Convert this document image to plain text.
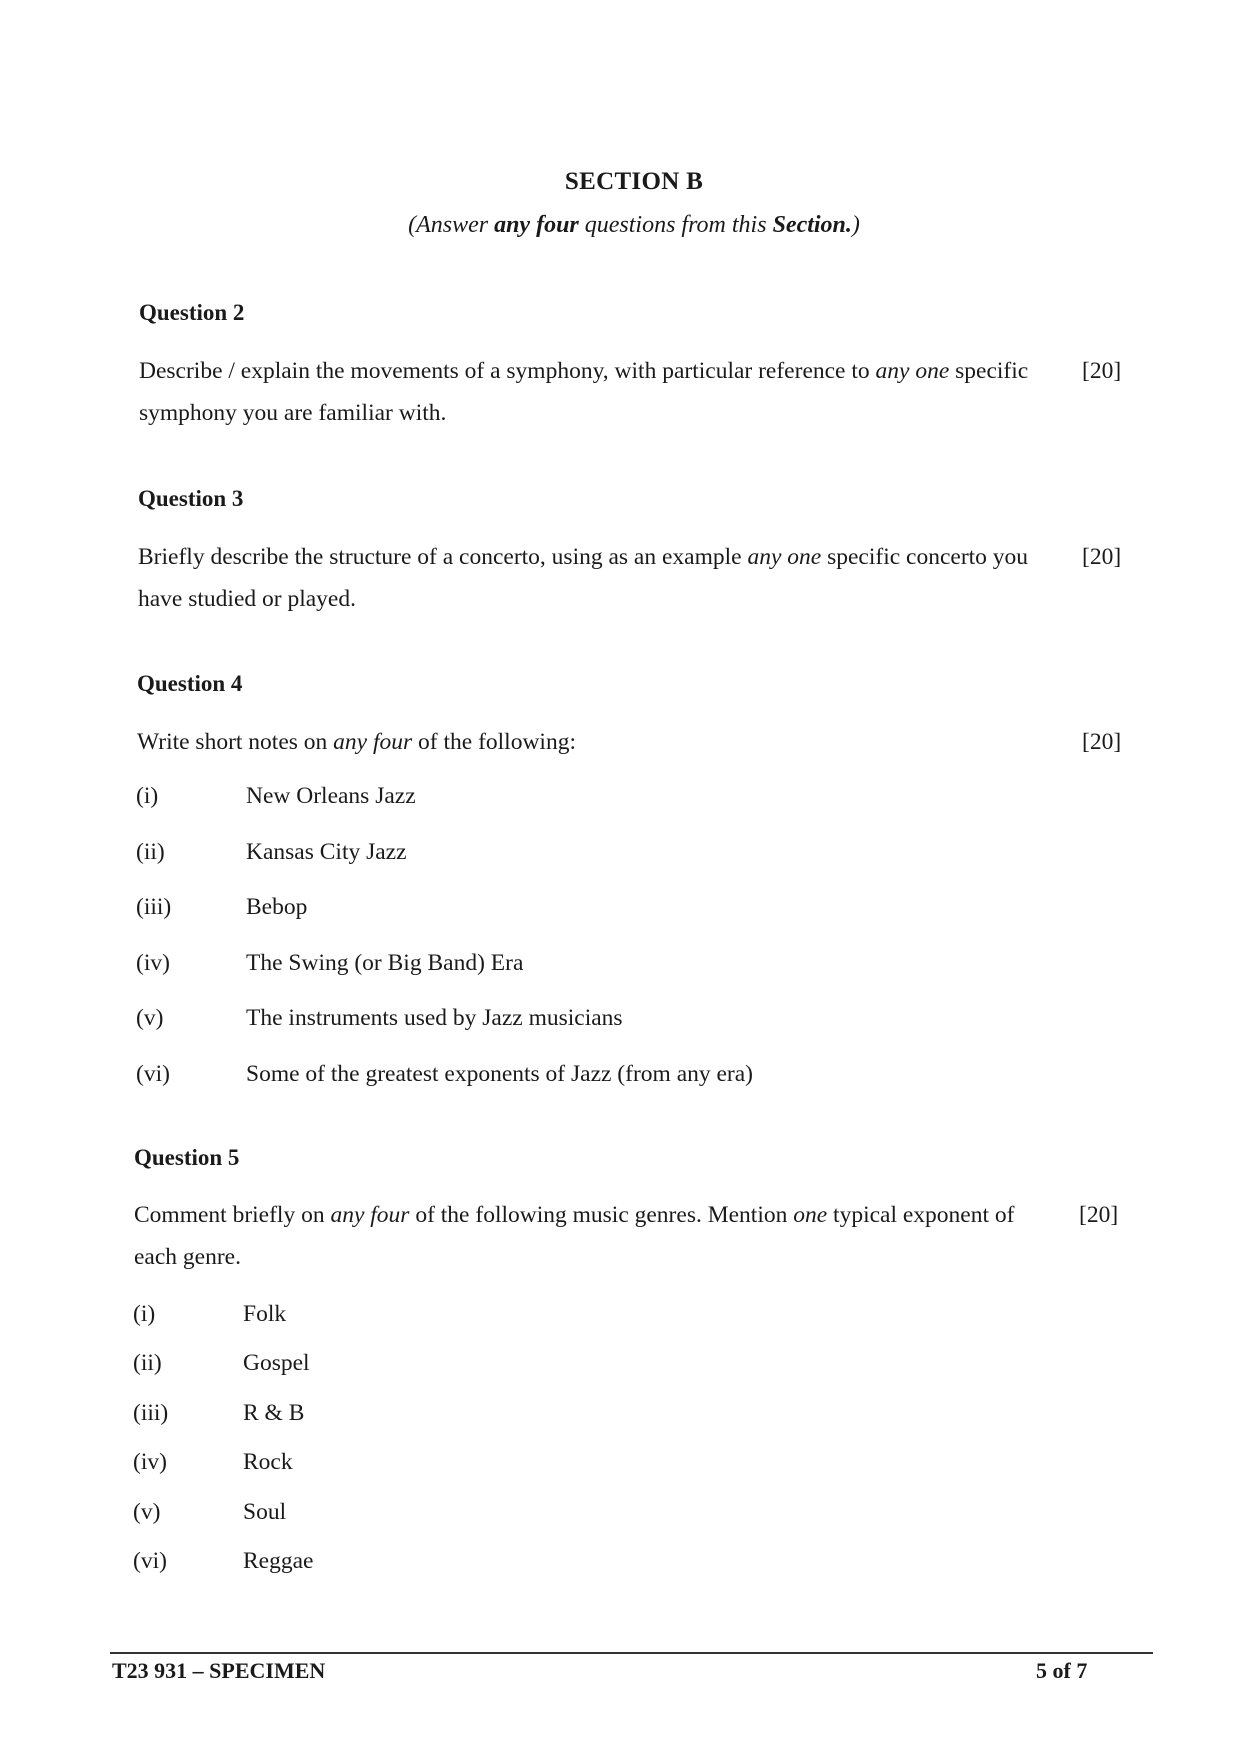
SECTION B
(Answer any four questions from this Section.)
Question 2
Describe / explain the movements of a symphony, with particular reference to any one specific symphony you are familiar with.
[20]
Question 3
Briefly describe the structure of a concerto, using as an example any one specific concerto you have studied or played.
[20]
Question 4
Write short notes on any four of the following:	[20]
(i)	New Orleans Jazz
(ii)	Kansas City Jazz
(iii)	Bebop
(iv)	The Swing (or Big Band) Era
(v)	The instruments used by Jazz musicians
(vi)	Some of the greatest exponents of Jazz (from any era)
Question 5
Comment briefly on any four of the following music genres. Mention one typical exponent of each genre.
[20]
(i)	Folk
(ii)	Gospel
(iii)	R & B
(iv)	Rock
(v)	Soul
(vi)	Reggae
T23 931 – SPECIMEN	5 of 7
